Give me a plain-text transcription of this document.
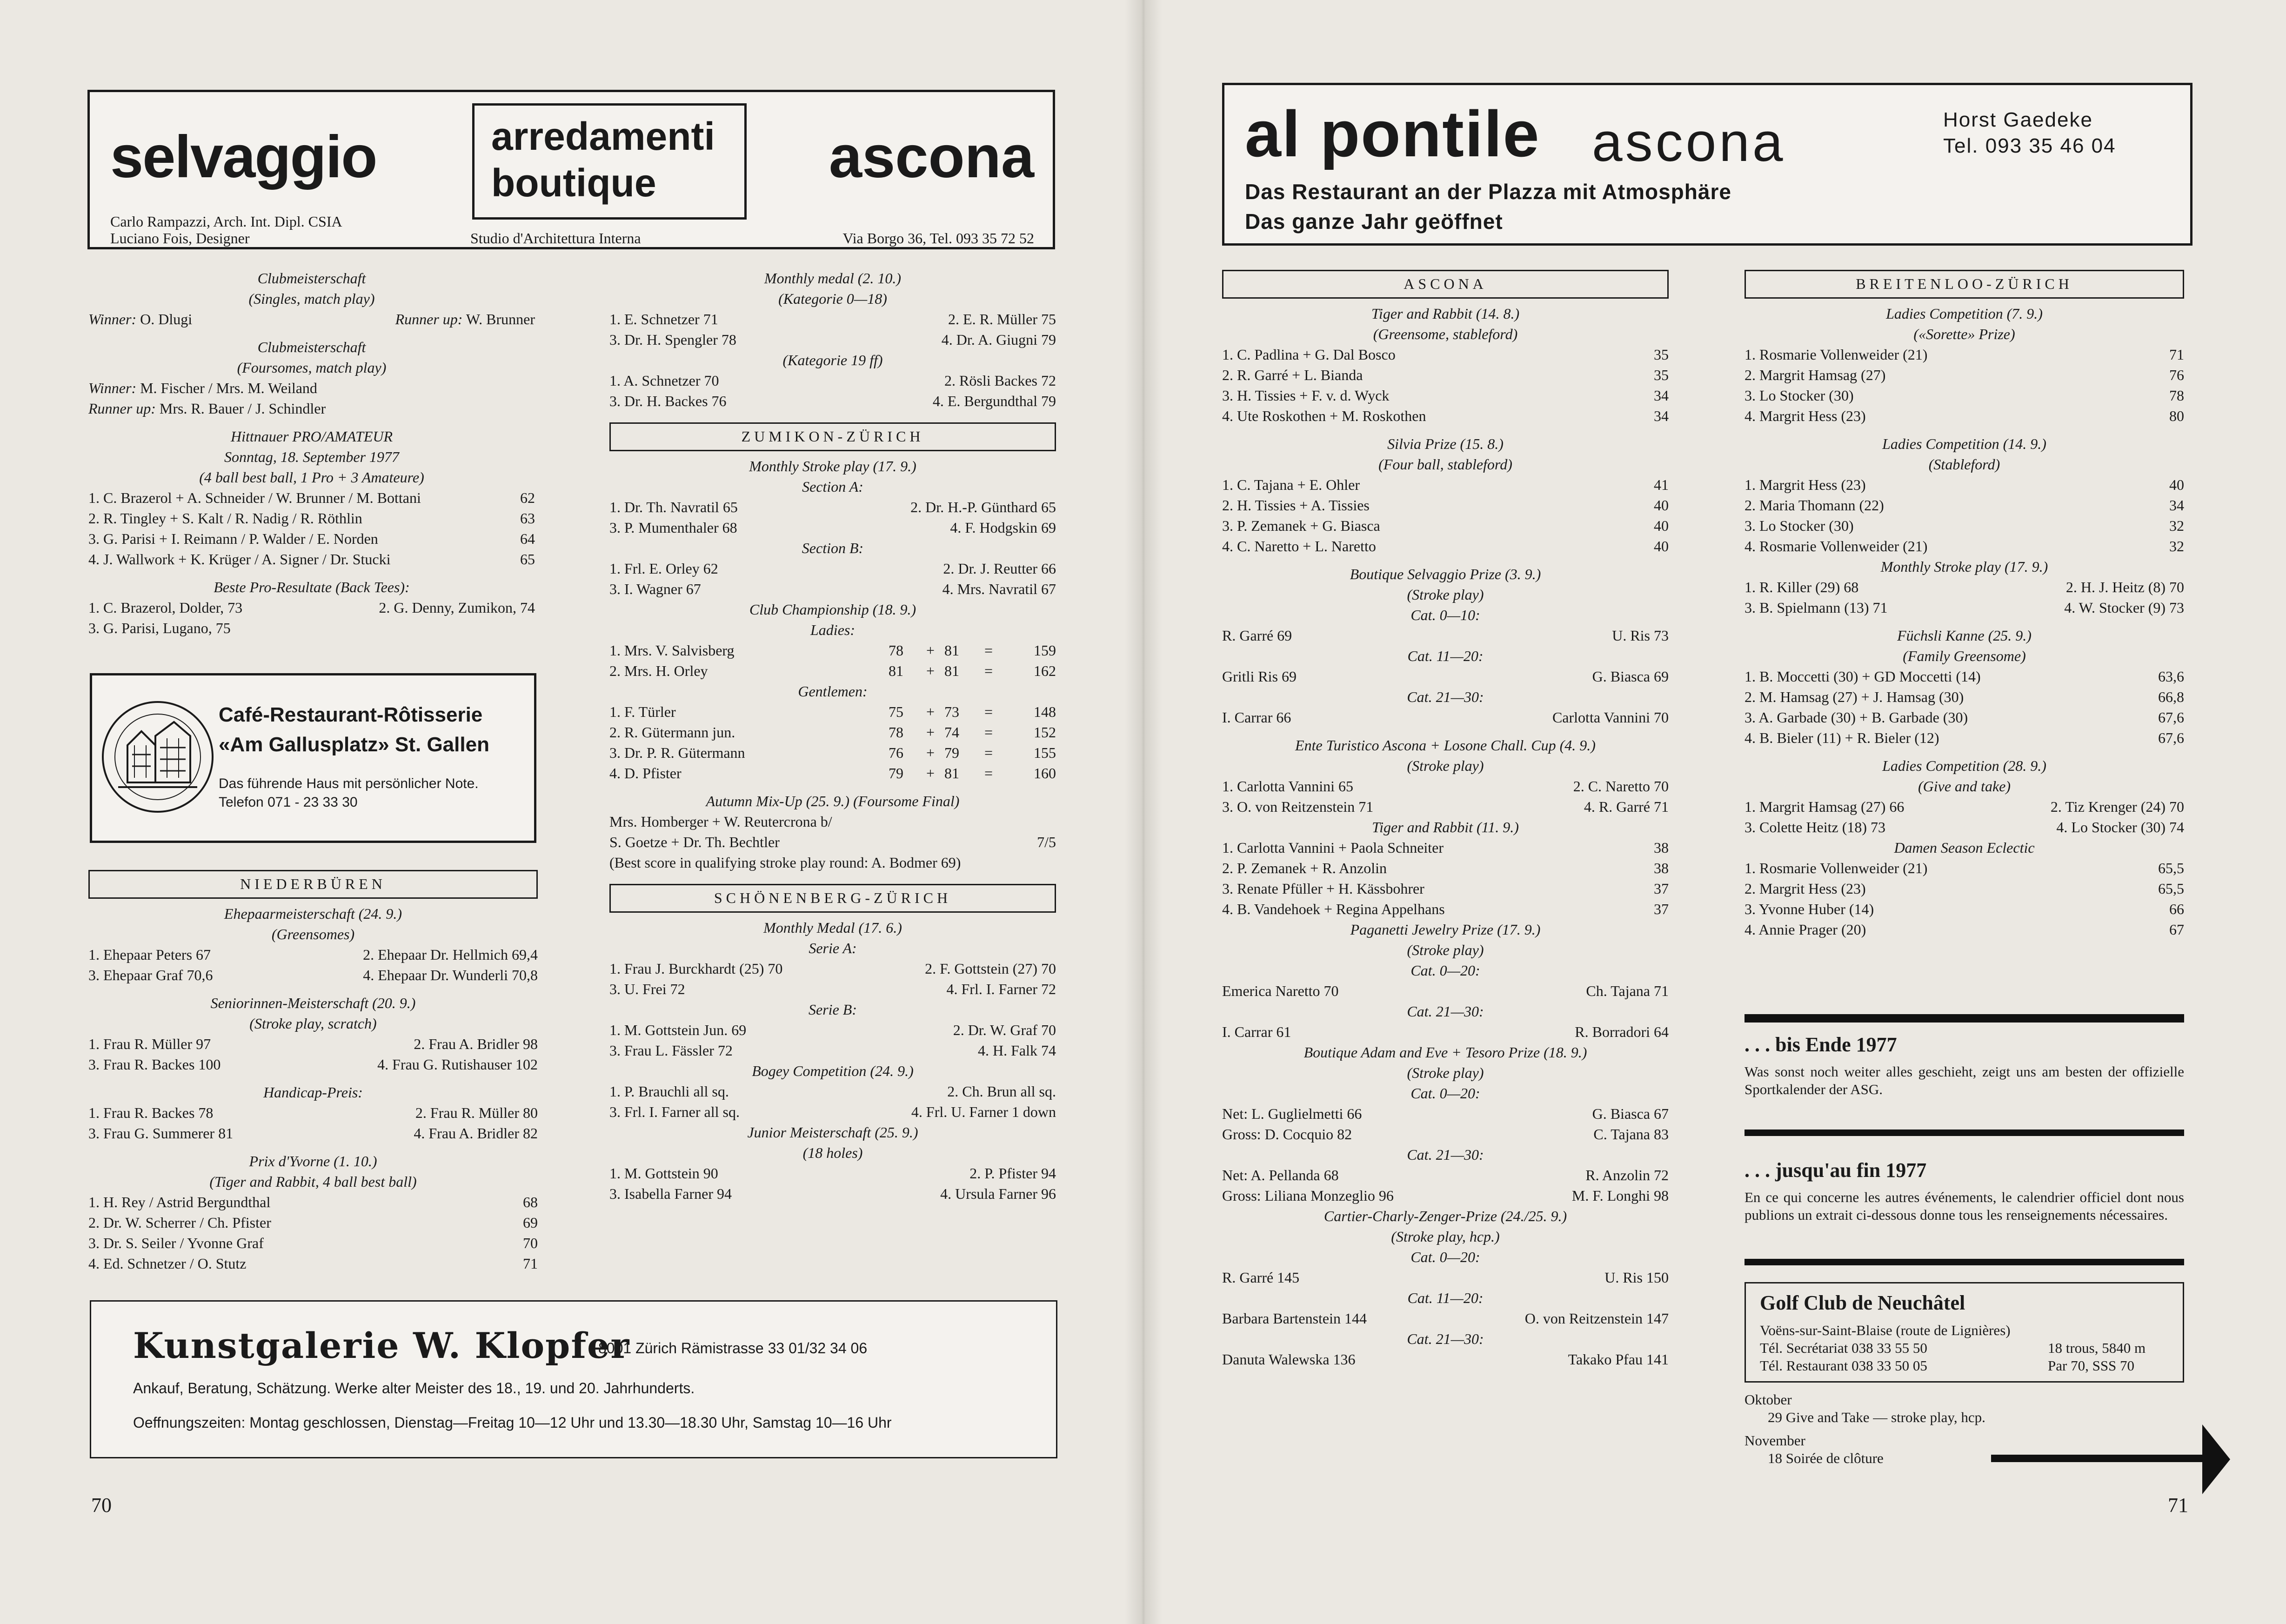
selvaggio	arredamenti
boutique	ascona
Carlo Rampazzi, Arch. Int. Dipl. CSIA
Luciano Fois, Designer	Studio d'Architettura Interna	Via Borgo 36, Tel. 093 35 72 52
Clubmeisterschaft
(Singles, match play)
Winner: O. Dlugi	Runner up: W. Brunner
Clubmeisterschaft
(Foursomes, match play)
Winner: M. Fischer / Mrs. M. Weiland
Runner up: Mrs. R. Bauer / J. Schindler
Hittnauer PRO/AMATEUR
Sonntag, 18. September 1977
(4 ball best ball, 1 Pro + 3 Amateure)
1. C. Brazerol + A. Schneider / W. Brunner / M. Bottani	62
2. R. Tingley + S. Kalt / R. Nadig / R. Röthlin	63
3. G. Parisi + I. Reimann / P. Walder / E. Norden	64
4. J. Wallwork + K. Krüger / A. Signer / Dr. Stucki	65
Beste Pro-Resultate (Back Tees):
1. C. Brazerol, Dolder, 73	2. G. Denny, Zumikon, 74
3. G. Parisi, Lugano, 75
Café-Restaurant-Rôtisserie
«Am Gallusplatz» St. Gallen
Das führende Haus mit persönlicher Note.
Telefon 071 - 23 33 30
NIEDERBÜREN
Ehepaarmeisterschaft (24. 9.)
(Greensomes)
1. Ehepaar Peters 67	2. Ehepaar Dr. Hellmich 69,4
3. Ehepaar Graf 70,6	4. Ehepaar Dr. Wunderli 70,8
Seniorinnen-Meisterschaft (20. 9.)
(Stroke play, scratch)
1. Frau R. Müller 97	2. Frau A. Bridler 98
3. Frau R. Backes 100	4. Frau G. Rutishauser 102
Handicap-Preis:
1. Frau R. Backes 78	2. Frau R. Müller 80
3. Frau G. Summerer 81	4. Frau A. Bridler 82
Prix d'Yvorne (1. 10.)
(Tiger and Rabbit, 4 ball best ball)
1. H. Rey / Astrid Bergundthal	68
2. Dr. W. Scherrer / Ch. Pfister	69
3. Dr. S. Seiler / Yvonne Graf	70
4. Ed. Schnetzer / O. Stutz	71
Monthly medal (2. 10.)
(Kategorie 0—18)
1. E. Schnetzer 71	2. E. R. Müller 75
3. Dr. H. Spengler 78	4. Dr. A. Giugni 79
(Kategorie 19 ff)
1. A. Schnetzer 70	2. Rösli Backes 72
3. Dr. H. Backes 76	4. E. Bergundthal 79
ZUMIKON-ZÜRICH
Monthly Stroke play (17. 9.)
Section A:
1. Dr. Th. Navratil 65	2. Dr. H.-P. Günthard 65
3. P. Mumenthaler 68	4. F. Hodgskin 69
Section B:
1. Frl. E. Orley 62	2. Dr. J. Reutter 66
3. I. Wagner 67	4. Mrs. Navratil 67
Club Championship (18. 9.)
Ladies:
1. Mrs. V. Salvisberg	78	+ 81	=	159
2. Mrs. H. Orley	81	+ 81	=	162
Gentlemen:
1. F. Türler	75	+ 73	=	148
2. R. Gütermann jun.	78	+ 74	=	152
3. Dr. P. R. Gütermann	76	+ 79	=	155
4. D. Pfister	79	+ 81	=	160
Autumn Mix-Up (25. 9.) (Foursome Final)
Mrs. Homberger + W. Reutercrona b/
S. Goetze + Dr. Th. Bechtler	7/5
(Best score in qualifying stroke play round: A. Bodmer 69)
SCHÖNENBERG-ZÜRICH
Monthly Medal (17. 6.)
Serie A:
1. Frau J. Burckhardt (25) 70	2. F. Gottstein (27) 70
3. U. Frei 72	4. Frl. I. Farner 72
Serie B:
1. M. Gottstein Jun. 69	2. Dr. W. Graf 70
3. Frau L. Fässler 72	4. H. Falk 74
Bogey Competition (24. 9.)
1. P. Brauchli all sq.	2. Ch. Brun all sq.
3. Frl. I. Farner all sq.	4. Frl. U. Farner 1 down
Junior Meisterschaft (25. 9.)
(18 holes)
1. M. Gottstein 90	2. P. Pfister 94
3. Isabella Farner 94	4. Ursula Farner 96
Kunstgalerie W. Klopfer
8001 Zürich Rämistrasse 33 01/32 34 06
Ankauf, Beratung, Schätzung. Werke alter Meister des 18., 19. und 20. Jahrhunderts.
Oeffnungszeiten: Montag geschlossen, Dienstag—Freitag 10—12 Uhr und 13.30—18.30 Uhr, Samstag 10—16 Uhr
70
al pontile ascona	Horst Gaedeke
Tel. 093 35 46 04
Das Restaurant an der Plazza mit Atmosphäre
Das ganze Jahr geöffnet
ASCONA
Tiger and Rabbit (14. 8.)
(Greensome, stableford)
1. C. Padlina + G. Dal Bosco	35
2. R. Garré + L. Bianda	35
3. H. Tissies + F. v. d. Wyck	34
4. Ute Roskothen + M. Roskothen	34
Silvia Prize (15. 8.)
(Four ball, stableford)
1. C. Tajana + E. Ohler	41
2. H. Tissies + A. Tissies	40
3. P. Zemanek + G. Biasca	40
4. C. Naretto + L. Naretto	40
Boutique Selvaggio Prize (3. 9.)
(Stroke play)
Cat. 0—10:
R. Garré 69	U. Ris 73
Cat. 11—20:
Gritli Ris 69	G. Biasca 69
Cat. 21—30:
I. Carrar 66	Carlotta Vannini 70
Ente Turistico Ascona + Losone Chall. Cup (4. 9.)
(Stroke play)
1. Carlotta Vannini 65	2. C. Naretto 70
3. O. von Reitzenstein 71	4. R. Garré 71
Tiger and Rabbit (11. 9.)
1. Carlotta Vannini + Paola Schneiter	38
2. P. Zemanek + R. Anzolin	38
3. Renate Pfüller + H. Kässbohrer	37
4. B. Vandehoek + Regina Appelhans	37
Paganetti Jewelry Prize (17. 9.)
(Stroke play)
Cat. 0—20:
Emerica Naretto 70	Ch. Tajana 71
Cat. 21—30:
I. Carrar 61	R. Borradori 64
Boutique Adam and Eve + Tesoro Prize (18. 9.)
(Stroke play)
Cat. 0—20:
Net: L. Guglielmetti 66	G. Biasca 67
Gross: D. Cocquio 82	C. Tajana 83
Cat. 21—30:
Net: A. Pellanda 68	R. Anzolin 72
Gross: Liliana Monzeglio 96	M. F. Longhi 98
Cartier-Charly-Zenger-Prize (24./25. 9.)
(Stroke play, hcp.)
Cat. 0—20:
R. Garré 145	U. Ris 150
Cat. 11—20:
Barbara Bartenstein 144	O. von Reitzenstein 147
Cat. 21—30:
Danuta Walewska 136	Takako Pfau 141
BREITENLOO-ZÜRICH
Ladies Competition (7. 9.)
(«Sorette» Prize)
1. Rosmarie Vollenweider (21)	71
2. Margrit Hamsag (27)	76
3. Lo Stocker (30)	78
4. Margrit Hess (23)	80
Ladies Competition (14. 9.)
(Stableford)
1. Margrit Hess (23)	40
2. Maria Thomann (22)	34
3. Lo Stocker (30)	32
4. Rosmarie Vollenweider (21)	32
Monthly Stroke play (17. 9.)
1. R. Killer (29) 68	2. H. J. Heitz (8) 70
3. B. Spielmann (13) 71	4. W. Stocker (9) 73
Füchsli Kanne (25. 9.)
(Family Greensome)
1. B. Moccetti (30) + GD Moccetti (14)	63,6
2. M. Hamsag (27) + J. Hamsag (30)	66,8
3. A. Garbade (30) + B. Garbade (30)	67,6
4. B. Bieler (11) + R. Bieler (12)	67,6
Ladies Competition (28. 9.)
(Give and take)
1. Margrit Hamsag (27) 66	2. Tiz Krenger (24) 70
3. Colette Heitz (18) 73	4. Lo Stocker (30) 74
Damen Season Eclectic
1. Rosmarie Vollenweider (21)	65,5
2. Margrit Hess (23)	65,5
3. Yvonne Huber (14)	66
4. Annie Prager (20)	67
. . . bis Ende 1977
Was sonst noch weiter alles geschieht, zeigt uns am besten der offizielle Sportkalender der ASG.
. . . jusqu'au fin 1977
En ce qui concerne les autres événements, le calendrier officiel dont nous publions un extrait ci-dessous donne tous les renseignements nécessaires.
Golf Club de Neuchâtel
Voëns-sur-Saint-Blaise (route de Lignières)
Tél. Secrétariat 038 33 55 50	18 trous, 5840 m
Tél. Restaurant 038 33 50 05	Par 70, SSS 70
Oktober
29 Give and Take — stroke play, hcp.
November
18 Soirée de clôture
71
